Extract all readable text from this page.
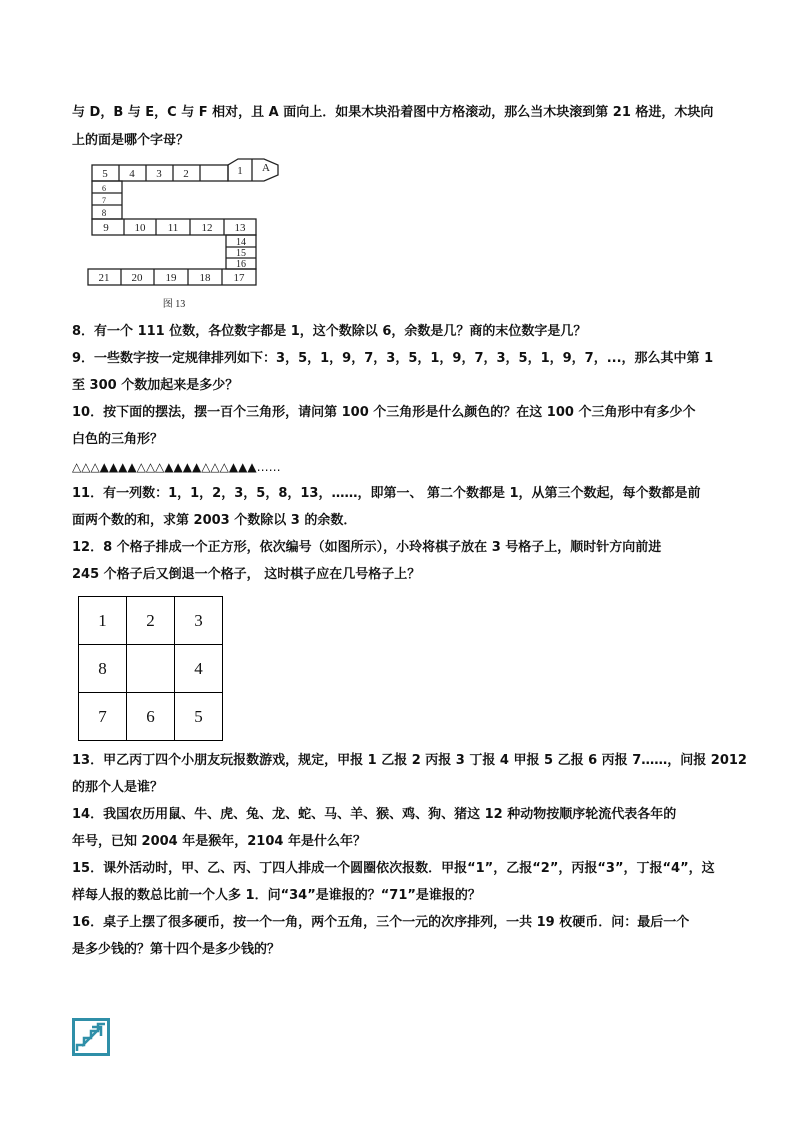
与 D，B 与 E，C 与 F 相对，且 A 面向上．如果木块沿着图中方格滚动，那么当木块滚到第 21 格进，木块向
上的面是哪个字母？
5 4 3 2	1 A
6
7
8
9 10 11 12 13
14
15
16
21 20 19 18 17
图 13
8．有一个 111 位数，各位数字都是 1，这个数除以 6，余数是几？商的末位数字是几？
9．一些数字按一定规律排列如下：3，5，1，9，7，3，5，1，9，7，3，5，1，9，7，...，那么其中第 1
至 300 个数加起来是多少？
10．按下面的摆法，摆一百个三角形，请问第 100 个三角形是什么颜色的？在这 100 个三角形中有多少个
白色的三角形？
△△△▲▲▲▲△△△▲▲▲▲△△△▲▲▲……
11．有一列数：1，1，2，3，5，8，13，……，即第一、 第二个数都是 1，从第三个数起，每个数都是前
面两个数的和，求第 2003 个数除以 3 的余数．
12．8 个格子排成一个正方形，依次编号（如图所示），小玲将棋子放在 3 号格子上，顺时针方向前进
245 个格子后又倒退一个格子， 这时棋子应在几号格子上？
1	2	3
8		4
7	6	5
13．甲乙丙丁四个小朋友玩报数游戏，规定，甲报 1 乙报 2 丙报 3 丁报 4 甲报 5 乙报 6 丙报 7……，问报 2012
的那个人是谁？
14．我国农历用鼠、牛、虎、兔、龙、蛇、马、羊、猴、鸡、狗、猪这 12 种动物按顺序轮流代表各年的
年号，已知 2004 年是猴年，2104 年是什么年？
15．课外活动时，甲、乙、丙、丁四人排成一个圆圈依次报数．甲报“1”，乙报“2”，丙报“3”，丁报“4”，这
样每人报的数总比前一个人多 1．问“34”是谁报的？“71”是谁报的？
16．桌子上摆了很多硬币，按一个一角，两个五角，三个一元的次序排列，一共 19 枚硬币．问：最后一个
是多少钱的？第十四个是多少钱的？
